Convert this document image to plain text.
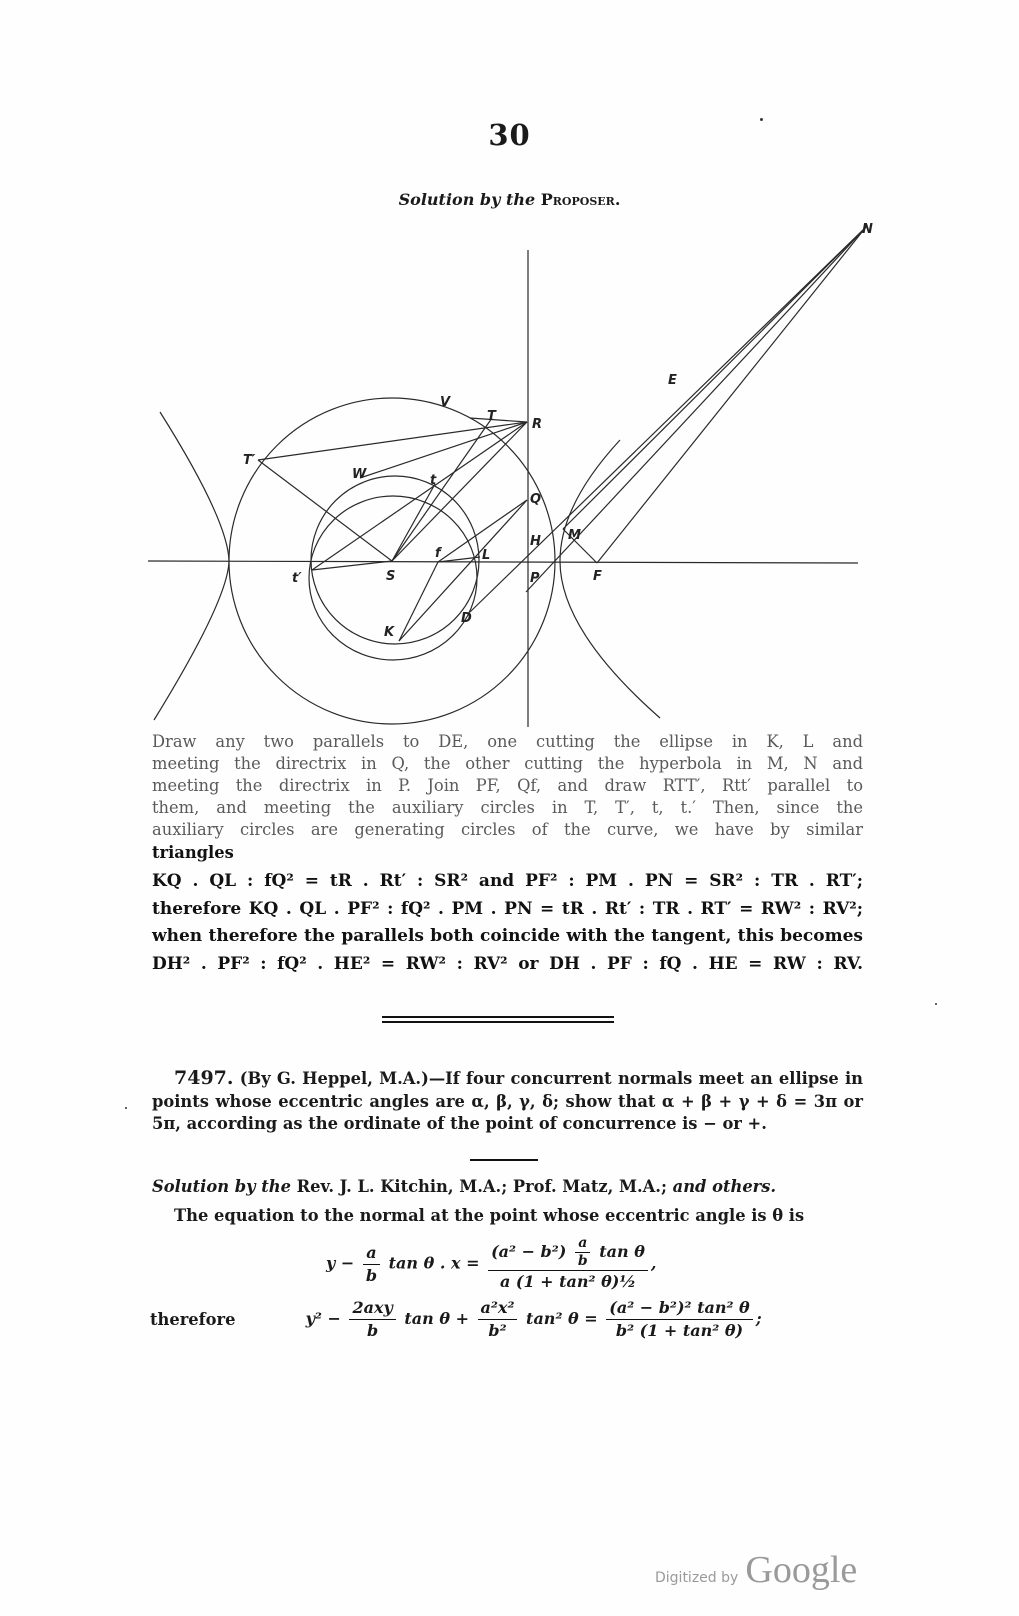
30
Solution by the Proposer.
N
E
V
T
R
T′
W	t
Q
M
H
f	L
t′	S	P	F
K
D
Draw any two parallels to DE, one cutting the ellipse in K, L and
meeting the directrix in Q, the other cutting the hyperbola in M, N and
meeting the directrix in P. Join PF, Qf, and draw RTT′, Rtt′ parallel to
them, and meeting the auxiliary circles in T, T′, t, t.′ Then, since the
auxiliary circles are generating circles of the curve, we have by similar
triangles
KQ . QL : fQ² = tR . Rt′ : SR² and PF² : PM . PN = SR² : TR . RT′;
therefore KQ . QL . PF² : fQ² . PM . PN = tR . Rt′ : TR . RT′ = RW² : RV²;
when therefore the parallels both coincide with the tangent, this becomes
DH² . PF² : fQ² . HE² = RW² : RV² or DH . PF : fQ . HE = RW : RV.
7497. (By G. Heppel, M.A.)—If four concurrent normals meet an ellipse in points whose eccentric angles are α, β, γ, δ; show that α + β + γ + δ = 3π or 5π, according as the ordinate of the point of concurrence is − or +.
Solution by the Rev. J. L. Kitchin, M.A.; Prof. Matz, M.A.; and others.
The equation to the normal at the point whose eccentric angle is θ is
$y - \frac{a}{b}$ tan θ . $x = \frac{(a^2 - b^2) \frac{a}{b} \tan \theta}{\text{a (1 + tan² θ)½}}$ ,
therefore	$y^2 - \frac{\text{2axy}}{b}$ $\tan \theta + \frac{\text{a²x²}}{\text{b²}} \tan^2$ $\theta = \frac{\text{(a² − b²)² tan² θ}}{\text{b² (1 + tan² θ)}}$ ;
Digitized by Google
